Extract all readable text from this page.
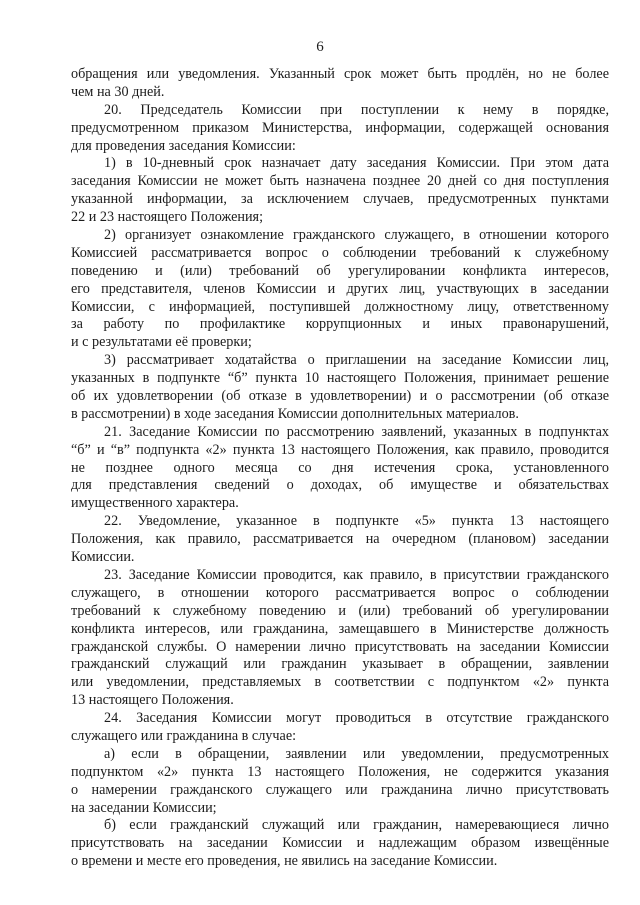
6
обращения или уведомления. Указанный срок может быть продлён, но не более
чем на 30 дней.
20. Председатель Комиссии при поступлении к нему в порядке,
предусмотренном приказом Министерства, информации, содержащей основания
для проведения заседания Комиссии:
1) в 10-дневный срок назначает дату заседания Комиссии. При этом дата
заседания Комиссии не может быть назначена позднее 20 дней со дня поступления
указанной информации, за исключением случаев, предусмотренных пунктами
22 и 23 настоящего Положения;
2) организует ознакомление гражданского служащего, в отношении которого
Комиссией рассматривается вопрос о соблюдении требований к служебному
поведению и (или) требований об урегулировании конфликта интересов,
его представителя, членов Комиссии и других лиц, участвующих в заседании
Комиссии, с информацией, поступившей должностному лицу, ответственному
за работу по профилактике коррупционных и иных правонарушений,
и с результатами её проверки;
3) рассматривает ходатайства о приглашении на заседание Комиссии лиц,
указанных в подпункте “б” пункта 10 настоящего Положения, принимает решение
об их удовлетворении (об отказе в удовлетворении) и о рассмотрении (об отказе
в рассмотрении) в ходе заседания Комиссии дополнительных материалов.
21. Заседание Комиссии по рассмотрению заявлений, указанных в подпунктах
“б” и “в” подпункта «2» пункта 13 настоящего Положения, как правило, проводится
не позднее одного месяца со дня истечения срока, установленного
для представления сведений о доходах, об имуществе и обязательствах
имущественного характера.
22. Уведомление, указанное в подпункте «5» пункта 13 настоящего
Положения, как правило, рассматривается на очередном (плановом) заседании
Комиссии.
23. Заседание Комиссии проводится, как правило, в присутствии гражданского
служащего, в отношении которого рассматривается вопрос о соблюдении
требований к служебному поведению и (или) требований об урегулировании
конфликта интересов, или гражданина, замещавшего в Министерстве должность
гражданской службы. О намерении лично присутствовать на заседании Комиссии
гражданский служащий или гражданин указывает в обращении, заявлении
или уведомлении, представляемых в соответствии с подпунктом «2» пункта
13 настоящего Положения.
24. Заседания Комиссии могут проводиться в отсутствие гражданского
служащего или гражданина в случае:
а) если в обращении, заявлении или уведомлении, предусмотренных
подпунктом «2» пункта 13 настоящего Положения, не содержится указания
о намерении гражданского служащего или гражданина лично присутствовать
на заседании Комиссии;
б) если гражданский служащий или гражданин, намеревающиеся лично
присутствовать на заседании Комиссии и надлежащим образом извещённые
о времени и месте его проведения, не явились на заседание Комиссии.
